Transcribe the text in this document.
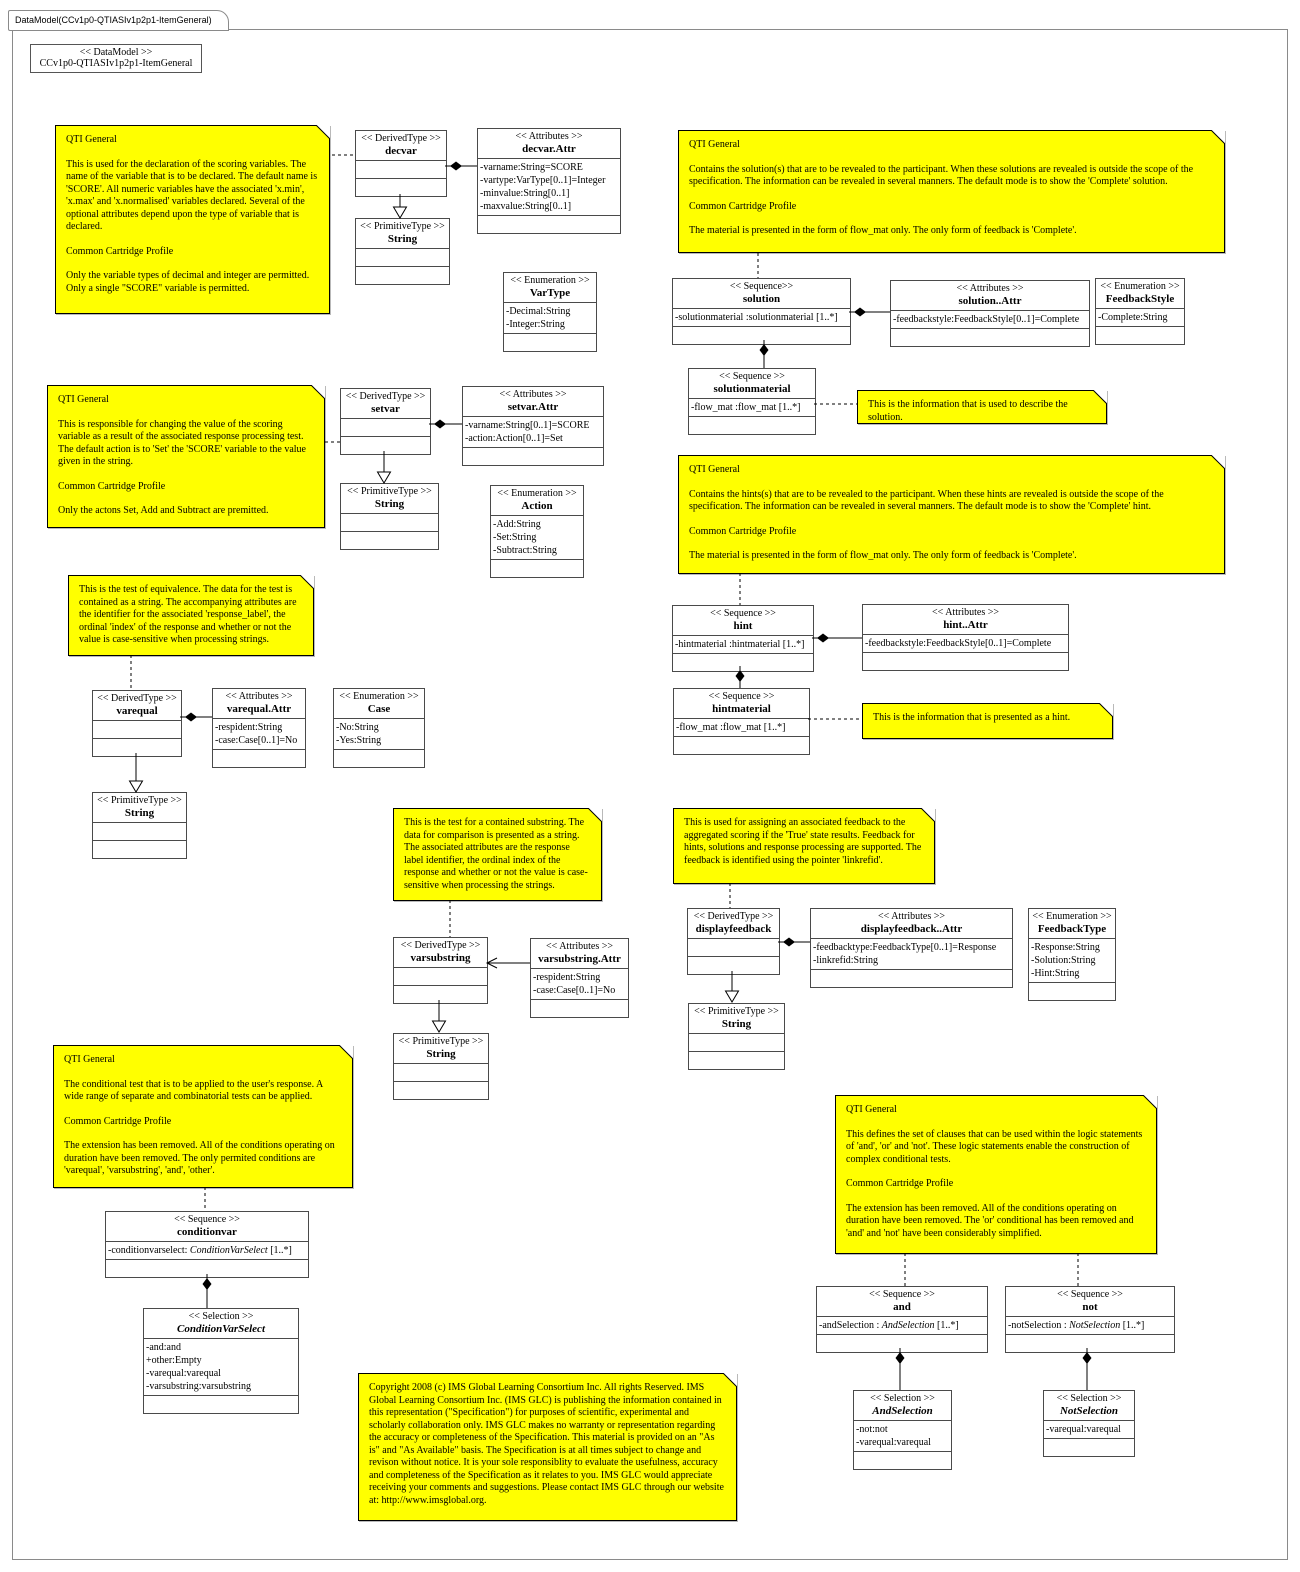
DataModel(CCv1p0-QTIASIv1p2p1-ItemGeneral)
<< DataModel >>
CCv1p0-QTIASIv1p2p1-ItemGeneral
<< DerivedType >>
decvar
<< Attributes >>
decvar.Attr
-varname:String=SCORE
-vartype:VarType[0..1]=Integer
-minvalue:String[0..1]
-maxvalue:String[0..1]
<< PrimitiveType >>
String
<< Enumeration >>
VarType
-Decimal:String
-Integer:String
<< DerivedType >>
setvar
<< Attributes >>
setvar.Attr
-varname:String[0..1]=SCORE
-action:Action[0..1]=Set
<< PrimitiveType >>
String
<< Enumeration >>
Action
-Add:String
-Set:String
-Subtract:String
<< Sequence>>
solution
-solutionmaterial :solutionmaterial [1..*]
<< Attributes >>
solution..Attr
-feedbackstyle:FeedbackStyle[0..1]=Complete
<< Enumeration >>
FeedbackStyle
-Complete:String
<< Sequence >>
solutionmaterial
-flow_mat :flow_mat [1..*]
<< Sequence >>
hint
-hintmaterial :hintmaterial [1..*]
<< Attributes >>
hint..Attr
-feedbackstyle:FeedbackStyle[0..1]=Complete
<< Sequence >>
hintmaterial
-flow_mat :flow_mat [1..*]
<< DerivedType >>
varequal
<< Attributes >>
varequal.Attr
-respident:String
-case:Case[0..1]=No
<< Enumeration >>
Case
-No:String
-Yes:String
<< PrimitiveType >>
String
<< DerivedType >>
varsubstring
<< Attributes >>
varsubstring.Attr
-respident:String
-case:Case[0..1]=No
<< PrimitiveType >>
String
<< DerivedType >>
displayfeedback
<< Attributes >>
displayfeedback..Attr
-feedbacktype:FeedbackType[0..1]=Response
-linkrefid:String
<< Enumeration >>
FeedbackType
-Response:String
-Solution:String
-Hint:String
<< PrimitiveType >>
String
<< Sequence >>
conditionvar
-conditionvarselect: ConditionVarSelect [1..*]
<< Selection >>
ConditionVarSelect
-and:and
+other:Empty
-varequal:varequal
-varsubstring:varsubstring
<< Sequence >>
and
-andSelection : AndSelection [1..*]
<< Sequence >>
not
-notSelection : NotSelection [1..*]
<< Selection >>
AndSelection
-not:not
-varequal:varequal
<< Selection >>
NotSelection
-varequal:varequal

QTI General

This is used for the declaration of the scoring variables. The name of the variable that is to be declared. The default name is 'SCORE'. All numeric variables have the associated 'x.min', 'x.max' and 'x.normalised' variables declared. Several of the optional attributes depend upon the type of variable that is declared.

Common Cartridge Profile

Only the variable types of decimal and integer are permitted. Only a single "SCORE" variable is permitted.

QTI General

Contains the solution(s) that are to be revealed to the participant. When these solutions are revealed is outside the scope of the specification. The information can be revealed in several manners. The default mode is to show the 'Complete' solution.

Common Cartridge Profile

The material is presented in the form of flow_mat only. The only form of feedback is 'Complete'.

QTI General

This is responsible for changing the value of the scoring variable as a result of the associated response processing test. The default action is to 'Set' the 'SCORE' variable to the value given in the string.

Common Cartridge Profile

Only the actons Set, Add and Subtract are premitted.

This is the test of equivalence. The data for the test is contained as a string. The accompanying attributes are the identifier for the associated 'response_label', the ordinal 'index' of the response and whether or not the value is case-sensitive when processing strings.

QTI General

Contains the hints(s) that are to be revealed to the participant. When these hints are revealed is outside the scope of the specification. The information can be revealed in several manners. The default mode is to show the 'Complete' hint.

Common Cartridge Profile

The material is presented in the form of flow_mat only. The only form of feedback is 'Complete'.

This is the information that is used to describe the solution.

This is the information that is presented as a hint.

This is the test for a contained substring. The data for comparison is presented as a string. The associated attributes are the response label identifier, the ordinal index of the response and whether or not the value is case-sensitive when processing the strings.

This is used for assigning an associated feedback to the aggregated scoring if the 'True' state results. Feedback for hints, solutions and response processing are supported. The feedback is identified using the pointer 'linkrefid'.

QTI General

The conditional test that is to be applied to the user's response. A wide range of separate and combinatorial tests can be applied.

Common Cartridge Profile

The extension has been removed. All of the conditions operating on duration have been removed. The only permited conditions are 'varequal', 'varsubstring', 'and', 'other'.

QTI General

This defines the set of clauses that can be used within the logic statements of 'and', 'or' and 'not'. These logic statements enable the construction of complex conditional tests.

Common Cartridge Profile

The extension has been removed. All of the conditions operating on duration have been removed. The 'or' conditional has been removed and 'and' and 'not' have been considerably simplified.

Copyright 2008 (c) IMS Global Learning Consortium Inc. All rights Reserved. IMS Global Learning Consortium Inc. (IMS GLC) is publishing the information contained in this representation ("Specification") for purposes of scientific, experimental and scholarly collaboration only. IMS GLC makes no warranty or representation regarding the accuracy or completeness of the Specification. This material is provided on an "As is" and "As Available" basis. The Specification is at all times subject to change and revison without notice. It is your sole responsiblity to evaluate the usefulness, accuracy and completeness of the Specification as it relates to you. IMS GLC would appreciate receiving your comments and suggestions. Please contact IMS GLC through our website at: http://www.imsglobal.org.
